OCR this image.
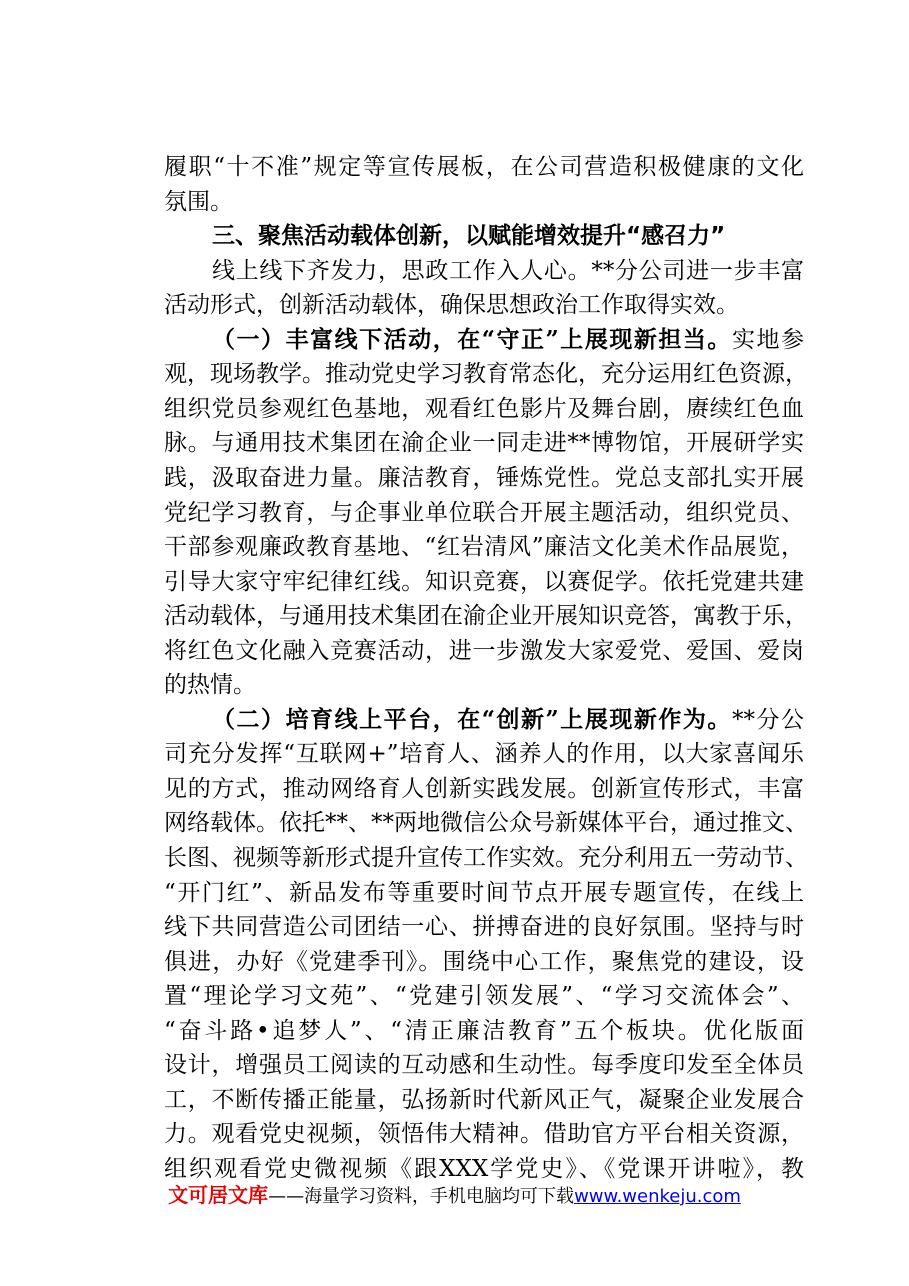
履职“十不准”规定等宣传展板，在公司营造积极健康的文化
氛围。
三、聚焦活动载体创新，以赋能增效提升“感召力”
线上线下齐发力，思政工作入人心。**分公司进一步丰富
活动形式，创新活动载体，确保思想政治工作取得实效。
（一）丰富线下活动，在“守正”上展现新担当。实地参
观，现场教学。推动党史学习教育常态化，充分运用红色资源，
组织党员参观红色基地，观看红色影片及舞台剧，赓续红色血
脉。与通用技术集团在渝企业一同走进**博物馆，开展研学实
践，汲取奋进力量。廉洁教育，锤炼党性。党总支部扎实开展
党纪学习教育，与企事业单位联合开展主题活动，组织党员、
干部参观廉政教育基地、“红岩清风”廉洁文化美术作品展览，
引导大家守牢纪律红线。知识竞赛，以赛促学。依托党建共建
活动载体，与通用技术集团在渝企业开展知识竞答，寓教于乐，
将红色文化融入竞赛活动，进一步激发大家爱党、爱国、爱岗
的热情。
（二）培育线上平台，在“创新”上展现新作为。**分公
司充分发挥“互联网+”培育人、涵养人的作用，以大家喜闻乐
见的方式，推动网络育人创新实践发展。创新宣传形式，丰富
网络载体。依托**、**两地微信公众号新媒体平台，通过推文、
长图、视频等新形式提升宣传工作实效。充分利用五一劳动节、
“开门红”、新品发布等重要时间节点开展专题宣传，在线上
线下共同营造公司团结一心、拼搏奋进的良好氛围。坚持与时
俱进，办好《党建季刊》。围绕中心工作，聚焦党的建设，设
置“理论学习文苑”、“党建引领发展”、“学习交流体会”、
“奋斗路•追梦人”、“清正廉洁教育”五个板块。优化版面
设计，增强员工阅读的互动感和生动性。每季度印发至全体员
工，不断传播正能量，弘扬新时代新风正气，凝聚企业发展合
力。观看党史视频，领悟伟大精神。借助官方平台相关资源，
组织观看党史微视频《跟XXX学党史》、《党课开讲啦》，教
文可居文库——海量学习资料，手机电脑均可下载www.wenkeju.com
